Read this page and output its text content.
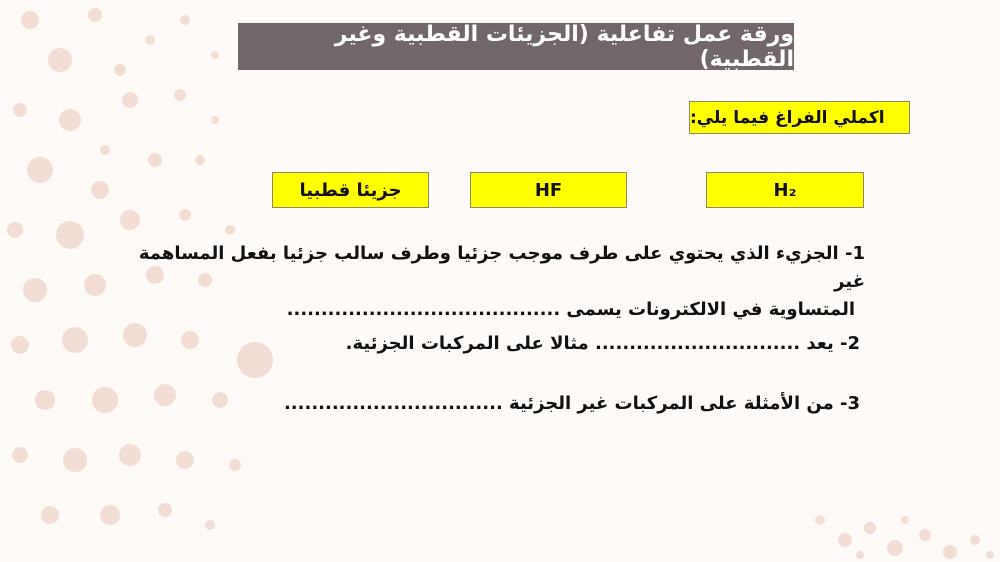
ورقة عمل تفاعلية (الجزيئات القطبية وغير القطبية)
اكملي الفراغ فيما يلي:
H₂
HF
جزيئا قطبيا
1- الجزيء الذي يحتوي على طرف موجب جزئيا وطرف سالب جزئيا بفعل المساهمة غير
المتساوية في الالكترونات يسمى ........................................
2- يعد .............................. مثالا على المركبات الجزئية.
3- من الأمثلة على المركبات غير الجزئية ................................
